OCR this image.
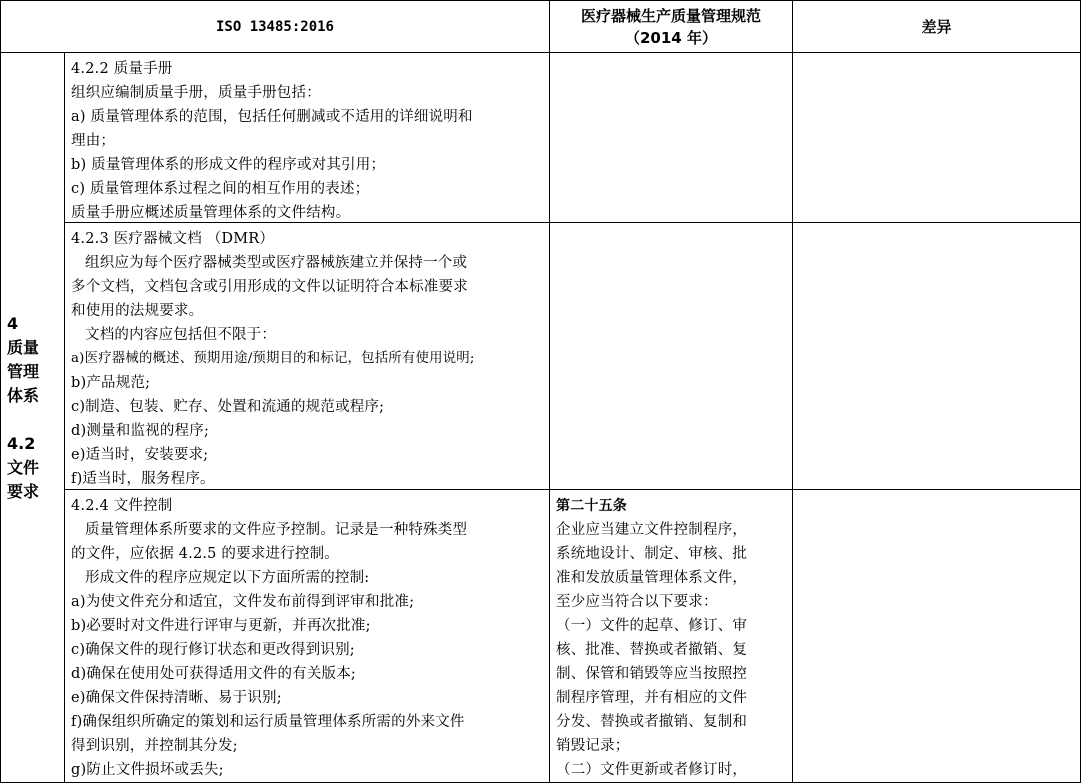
ISO 13485:2016
医疗器械生产质量管理规范
（2014 年）
差异
4
质量
管理
体系
4.2
文件
要求
4.2.2 质量手册
组织应编制质量手册，质量手册包括：
a) 质量管理体系的范围，包括任何删减或不适用的详细说明和
理由；
b) 质量管理体系的形成文件的程序或对其引用；
c) 质量管理体系过程之间的相互作用的表述；
质量手册应概述质量管理体系的文件结构。
4.2.3 医疗器械文档 （DMR）
组织应为每个医疗器械类型或医疗器械族建立并保持一个或
多个文档，文档包含或引用形成的文件以证明符合本标准要求
和使用的法规要求。
文档的内容应包括但不限于：
a)医疗器械的概述、预期用途/预期目的和标记，包括所有使用说明;
b)产品规范;
c)制造、包装、贮存、处置和流通的规范或程序;
d)测量和监视的程序;
e)适当时，安装要求;
f)适当时，服务程序。
4.2.4 文件控制
质量管理体系所要求的文件应予控制。记录是一种特殊类型
的文件，应依据 4.2.5 的要求进行控制。
形成文件的程序应规定以下方面所需的控制:
a)为使文件充分和适宜，文件发布前得到评审和批准;
b)必要时对文件进行评审与更新，并再次批准;
c)确保文件的现行修订状态和更改得到识别;
d)确保在使用处可获得适用文件的有关版本;
e)确保文件保持清晰、易于识别;
f)确保组织所确定的策划和运行质量管理体系所需的外来文件
得到识别，并控制其分发;
g)防止文件损坏或丢失;
第二十五条
企业应当建立文件控制程序，
系统地设计、制定、审核、批
准和发放质量管理体系文件，
至少应当符合以下要求：
（一）文件的起草、修订、审
核、批准、替换或者撤销、复
制、保管和销毁等应当按照控
制程序管理，并有相应的文件
分发、替换或者撤销、复制和
销毁记录；
（二）文件更新或者修订时，
